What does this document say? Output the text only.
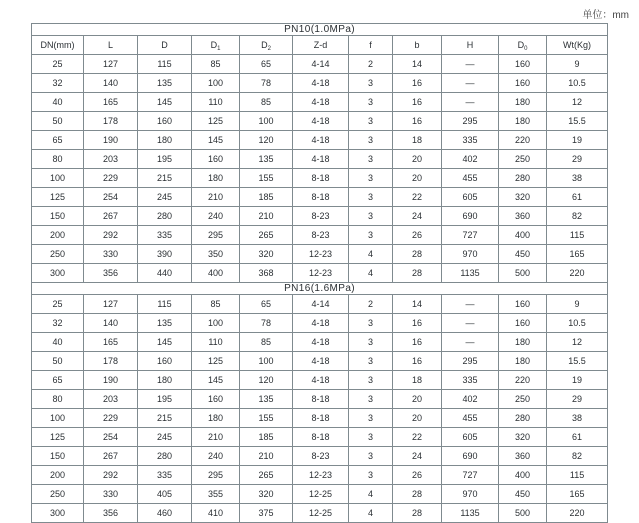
单位：mm
PN10(1.0MPa)										
DN(mm)	L	D	$D_1$	$D_2$	Z-d	f	b	H	$D_0$	Wt(Kg)
25	127	115	85	65	4-14	2	14	—	160	9
32	140	135	100	78	4-18	3	16	—	160	10.5
40	165	145	110	85	4-18	3	16	—	180	12
50	178	160	125	100	4-18	3	16	295	180	15.5
65	190	180	145	120	4-18	3	18	335	220	19
80	203	195	160	135	4-18	3	20	402	250	29
100	229	215	180	155	8-18	3	20	455	280	38
125	254	245	210	185	8-18	3	22	605	320	61
150	267	280	240	210	8-23	3	24	690	360	82
200	292	335	295	265	8-23	3	26	727	400	115
250	330	390	350	320	12-23	4	28	970	450	165
300	356	440	400	368	12-23	4	28	1135	500	220
PN16(1.6MPa)										
25	127	115	85	65	4-14	2	14	—	160	9
32	140	135	100	78	4-18	3	16	—	160	10.5
40	165	145	110	85	4-18	3	16	—	180	12
50	178	160	125	100	4-18	3	16	295	180	15.5
65	190	180	145	120	4-18	3	18	335	220	19
80	203	195	160	135	8-18	3	20	402	250	29
100	229	215	180	155	8-18	3	20	455	280	38
125	254	245	210	185	8-18	3	22	605	320	61
150	267	280	240	210	8-23	3	24	690	360	82
200	292	335	295	265	12-23	3	26	727	400	115
250	330	405	355	320	12-25	4	28	970	450	165
300	356	460	410	375	12-25	4	28	1135	500	220
